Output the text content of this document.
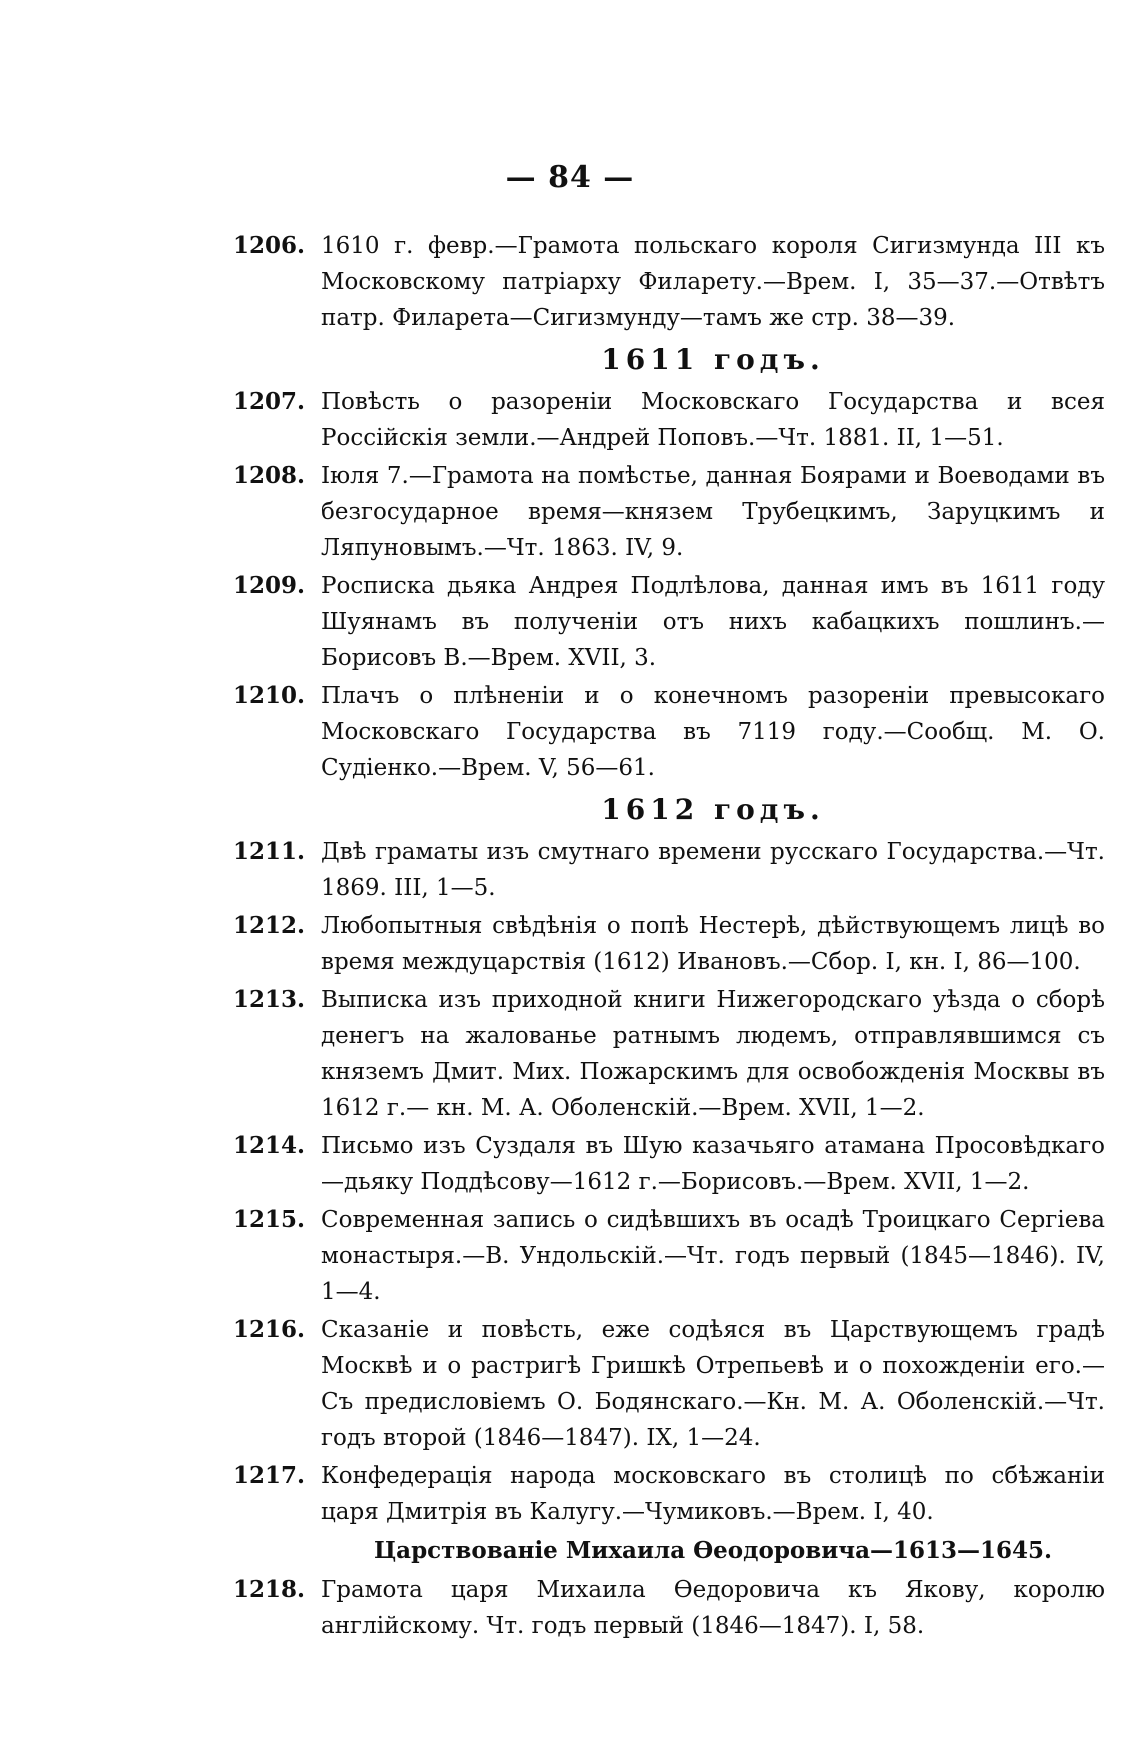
— 84 —
1206. 1610 г. февр.—Грамота польскаго короля Сигизмунда III къ Московскому патріарху Филарету.—Врем. I, 35—37.—Отвѣтъ патр. Филарета—Сигизмунду—тамъ же стр. 38—39.
1611 годъ.
1207. Повѣсть о разореніи Московскаго Государства и всея Россійскія земли.—Андрей Поповъ.—Чт. 1881. II, 1—51.
1208. Іюля 7.—Грамота на помѣстье, данная Боярами и Воеводами въ безгосударное время—князем Трубецкимъ, Заруцкимъ и Ляпуновымъ.—Чт. 1863. IV, 9.
1209. Росписка дьяка Андрея Подлѣлова, данная имъ въ 1611 году Шуянамъ въ полученіи отъ нихъ кабацкихъ пошлинъ.—Борисовъ В.—Врем. XVII, 3.
1210. Плачъ о плѣненіи и о конечномъ разореніи превысокаго Московскаго Государства въ 7119 году.—Сообщ. М. О. Судіенко.—Врем. V, 56—61.
1612 годъ.
1211. Двѣ граматы изъ смутнаго времени русскаго Государства.—Чт. 1869. III, 1—5.
1212. Любопытныя свѣдѣнія о попѣ Нестерѣ, дѣйствующемъ лицѣ во время междуцарствія (1612) Ивановъ.—Сбор. I, кн. I, 86—100.
1213. Выписка изъ приходной книги Нижегородскаго уѣзда о сборѣ денегъ на жалованье ратнымъ людемъ, отправлявшимся съ княземъ Дмит. Мих. Пожарскимъ для освобожденія Москвы въ 1612 г.— кн. М. А. Оболенскій.—Врем. XVII, 1—2.
1214. Письмо изъ Суздаля въ Шую казачьяго атамана Просовѣдкаго—дьяку Поддѣсову—1612 г.—Борисовъ.—Врем. XVII, 1—2.
1215. Современная запись о сидѣвшихъ въ осадѣ Троицкаго Сергіева монастыря.—В. Ундольскій.—Чт. годъ первый (1845—1846). IV, 1—4.
1216. Сказаніе и повѣсть, еже содѣяся въ Царствующемъ градѣ Москвѣ и о растригѣ Гришкѣ Отрепьевѣ и о похожденіи его.—Съ предисловіемъ О. Бодянскаго.—Кн. М. А. Оболенскій.—Чт. годъ второй (1846—1847). IX, 1—24.
1217. Конфедерація народа московскаго въ столицѣ по сбѣжаніи царя Дмитрія въ Калугу.—Чумиковъ.—Врем. I, 40.
Царствованіе Михаила Ѳеодоровича—1613—1645.
1218. Грамота царя Михаила Ѳедоровича къ Якову, королю англійскому. Чт. годъ первый (1846—1847). I, 58.
